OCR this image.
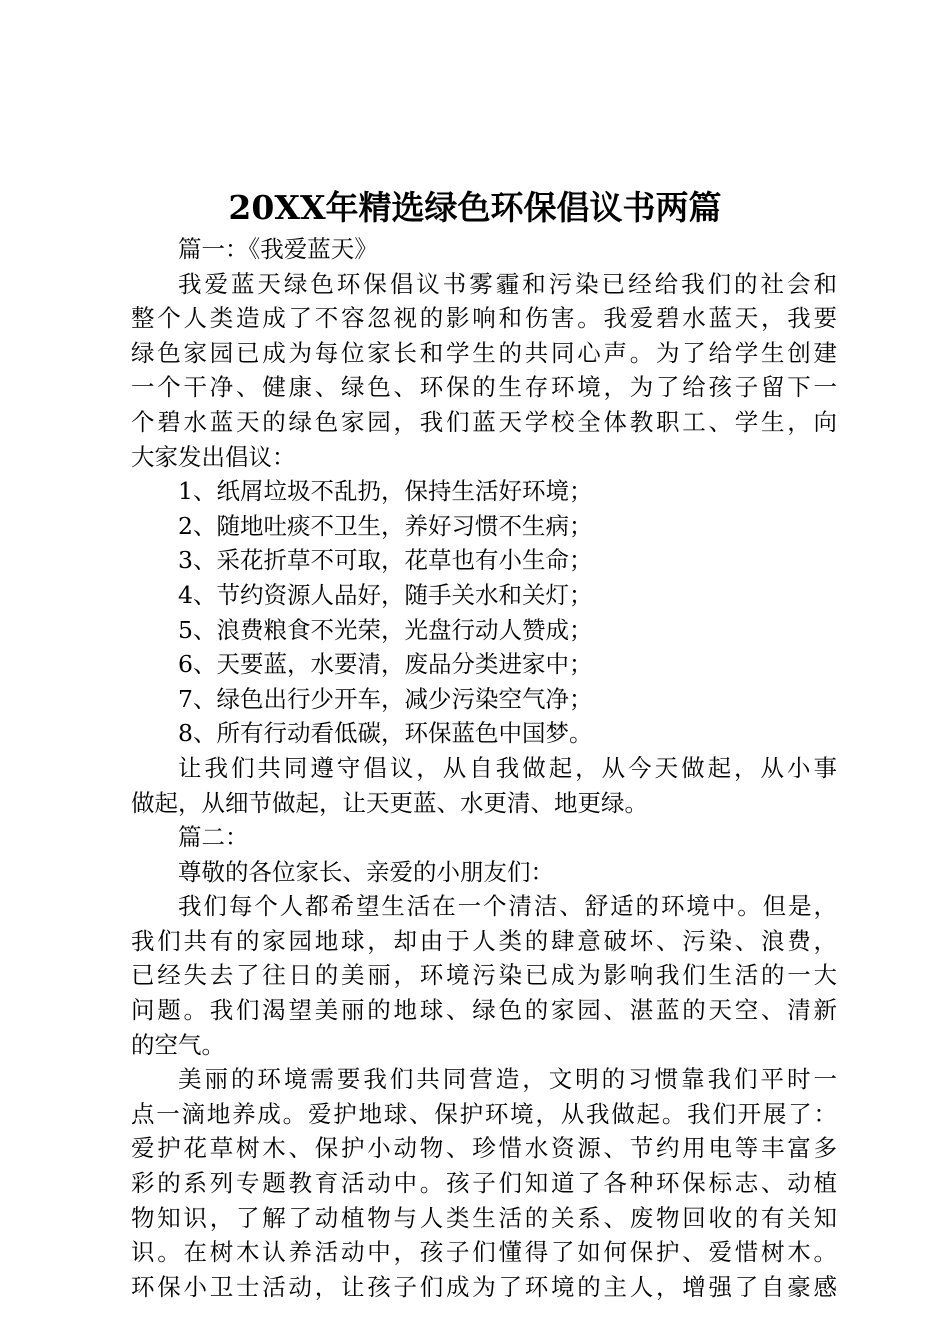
20XX年精选绿色环保倡议书两篇
篇一：《我爱蓝天》
我爱蓝天绿色环保倡议书雾霾和污染已经给我们的社会和
整个人类造成了不容忽视的影响和伤害。我爱碧水蓝天，我要
绿色家园已成为每位家长和学生的共同心声。为了给学生创建
一个干净、健康、绿色、环保的生存环境，为了给孩子留下一
个碧水蓝天的绿色家园，我们蓝天学校全体教职工、学生，向
大家发出倡议：
1、纸屑垃圾不乱扔，保持生活好环境；
2、随地吐痰不卫生，养好习惯不生病；
3、采花折草不可取，花草也有小生命；
4、节约资源人品好，随手关水和关灯；
5、浪费粮食不光荣，光盘行动人赞成；
6、天要蓝，水要清，废品分类进家中；
7、绿色出行少开车，减少污染空气净；
8、所有行动看低碳，环保蓝色中国梦。
让我们共同遵守倡议，从自我做起，从今天做起，从小事
做起，从细节做起，让天更蓝、水更清、地更绿。
篇二：
尊敬的各位家长、亲爱的小朋友们：
我们每个人都希望生活在一个清洁、舒适的环境中。但是，
我们共有的家园地球，却由于人类的肆意破坏、污染、浪费，
已经失去了往日的美丽，环境污染已成为影响我们生活的一大
问题。我们渴望美丽的地球、绿色的家园、湛蓝的天空、清新
的空气。
美丽的环境需要我们共同营造，文明的习惯靠我们平时一
点一滴地养成。爱护地球、保护环境，从我做起。我们开展了：
爱护花草树木、保护小动物、珍惜水资源、节约用电等丰富多
彩的系列专题教育活动中。孩子们知道了各种环保标志、动植
物知识，了解了动植物与人类生活的关系、废物回收的有关知
识。在树木认养活动中，孩子们懂得了如何保护、爱惜树木。
环保小卫士活动，让孩子们成为了环境的主人，增强了自豪感
